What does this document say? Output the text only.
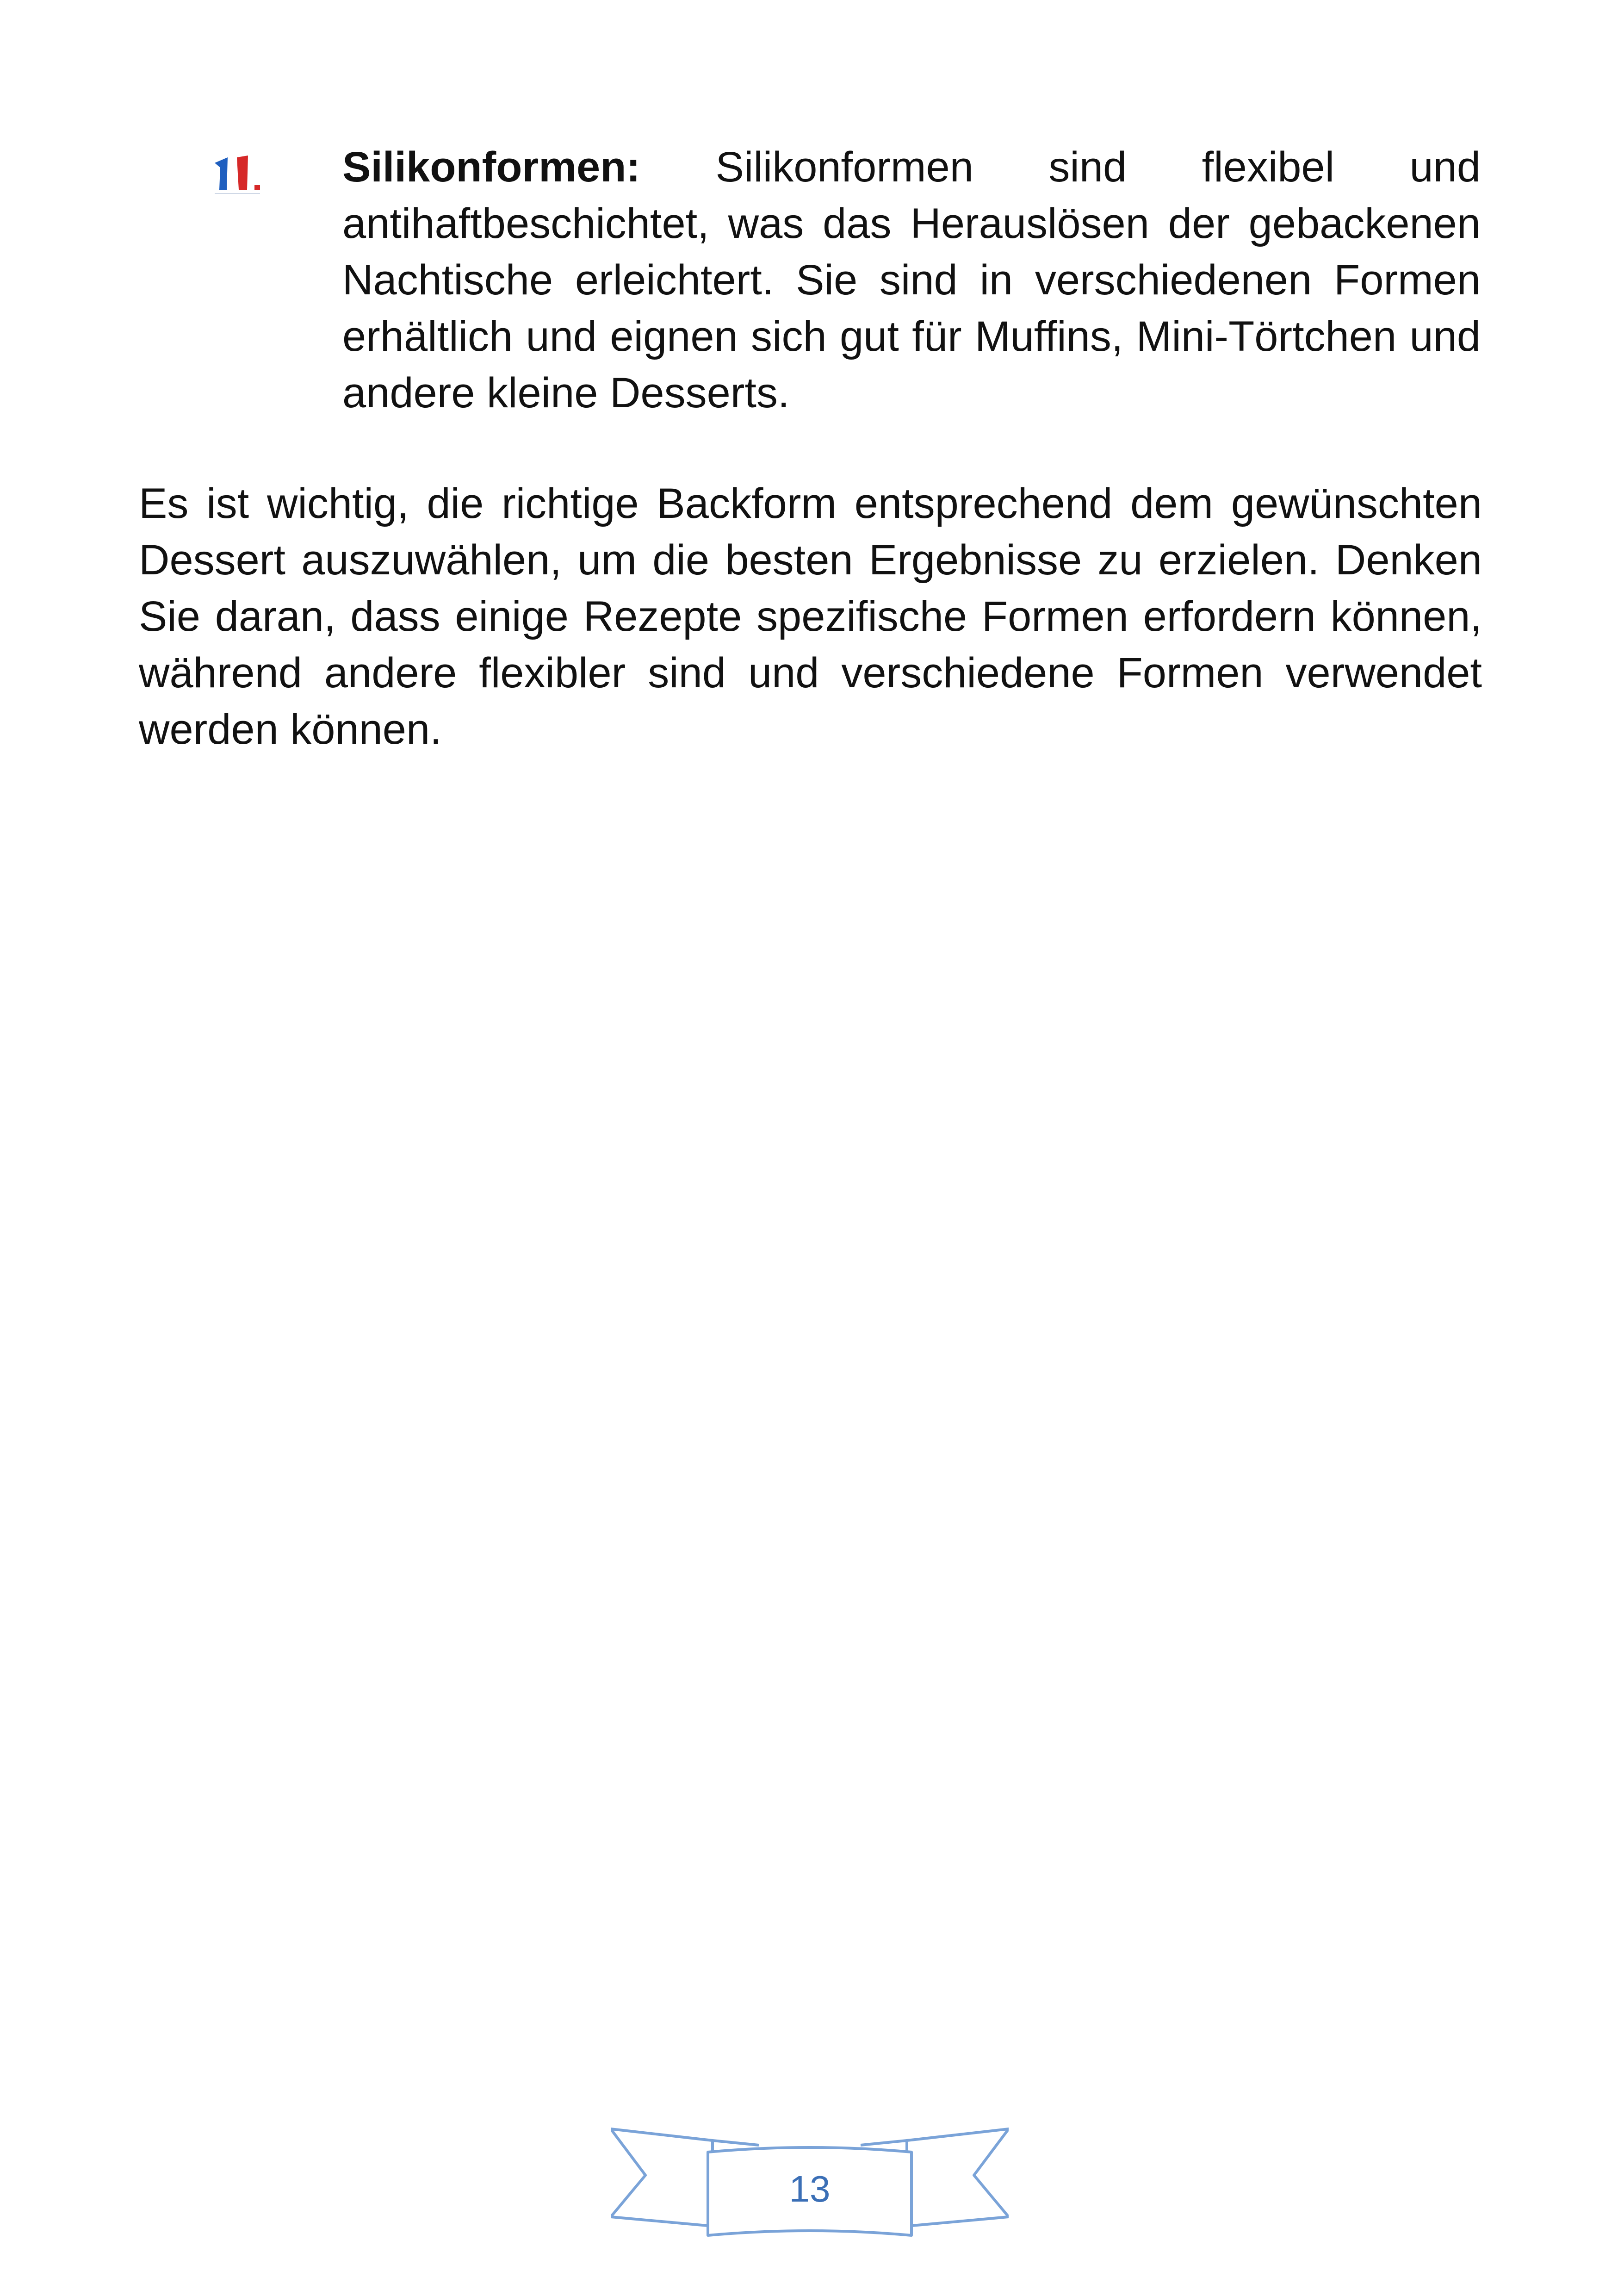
Silikonformen: Silikonformen sind flexibel und antihaftbeschichtet, was das Herauslösen der gebackenen Nachtische erleichtert. Sie sind in verschiedenen Formen erhältlich und eignen sich gut für Muffins, Mini-Törtchen und andere kleine Desserts.
Es ist wichtig, die richtige Backform entsprechend dem gewünschten Dessert auszuwählen, um die besten Ergebnisse zu erzielen. Denken Sie daran, dass einige Rezepte spezifische Formen erfordern können, während andere flexibler sind und verschiedene Formen verwendet werden können.
13
